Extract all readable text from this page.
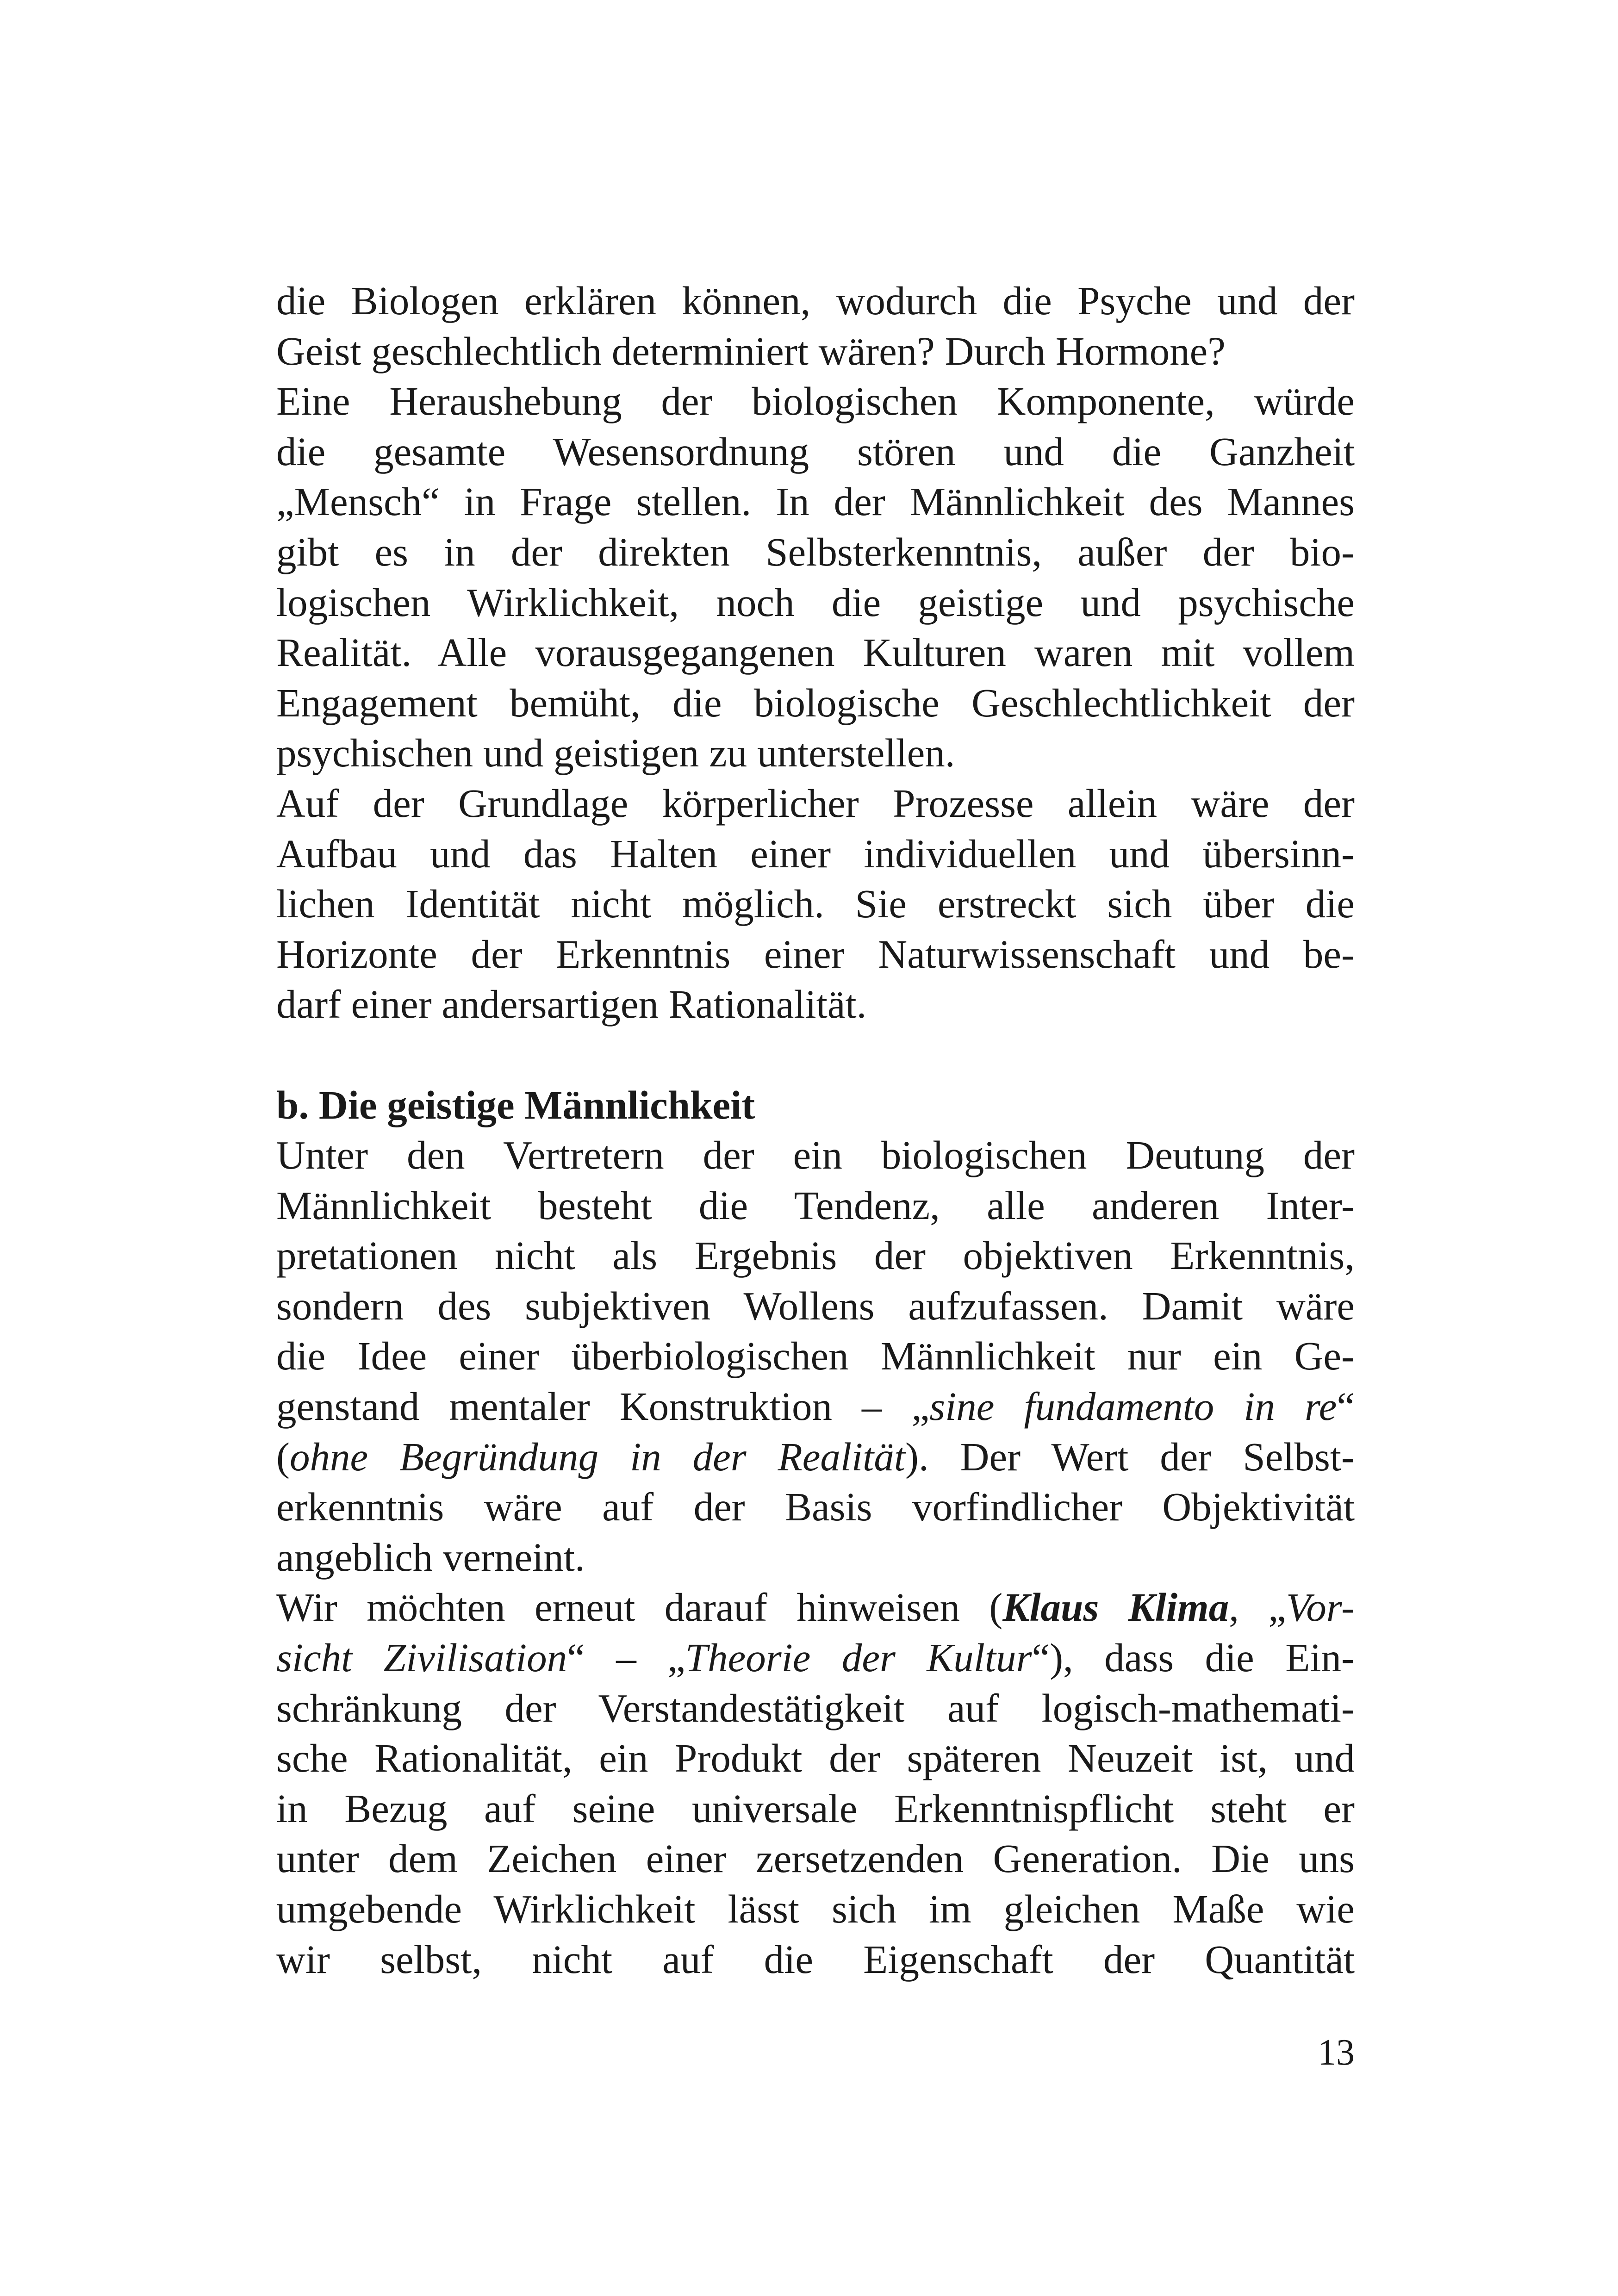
die Biologen erklären können, wodurch die Psyche und der
Geist geschlechtlich determiniert wären? Durch Hormone?
Eine Heraushebung der biologischen Komponente, würde
die gesamte Wesensordnung stören und die Ganzheit
„Mensch“ in Frage stellen. In der Männlichkeit des Mannes
gibt es in der direkten Selbsterkenntnis, außer der bio-
logischen Wirklichkeit, noch die geistige und psychische
Realität. Alle vorausgegangenen Kulturen waren mit vollem
Engagement bemüht, die biologische Geschlechtlichkeit der
psychischen und geistigen zu unterstellen.
Auf der Grundlage körperlicher Prozesse allein wäre der
Aufbau und das Halten einer individuellen und übersinn-
lichen Identität nicht möglich. Sie erstreckt sich über die
Horizonte der Erkenntnis einer Naturwissenschaft und be-
darf einer andersartigen Rationalität.
b. Die geistige Männlichkeit
Unter den Vertretern der ein biologischen Deutung der
Männlichkeit besteht die Tendenz, alle anderen Inter-
pretationen nicht als Ergebnis der objektiven Erkenntnis,
sondern des subjektiven Wollens aufzufassen. Damit wäre
die Idee einer überbiologischen Männlichkeit nur ein Ge-
genstand mentaler Konstruktion – „sine fundamento in re“
(ohne Begründung in der Realität). Der Wert der Selbst-
erkenntnis wäre auf der Basis vorfindlicher Objektivität
angeblich verneint.
Wir möchten erneut darauf hinweisen (Klaus Klima, „Vor-
sicht Zivilisation“ – „Theorie der Kultur“), dass die Ein-
schränkung der Verstandestätigkeit auf logisch-mathemati-
sche Rationalität, ein Produkt der späteren Neuzeit ist, und
in Bezug auf seine universale Erkenntnispflicht steht er
unter dem Zeichen einer zersetzenden Generation. Die uns
umgebende Wirklichkeit lässt sich im gleichen Maße wie
wir selbst, nicht auf die Eigenschaft der Quantität
13
